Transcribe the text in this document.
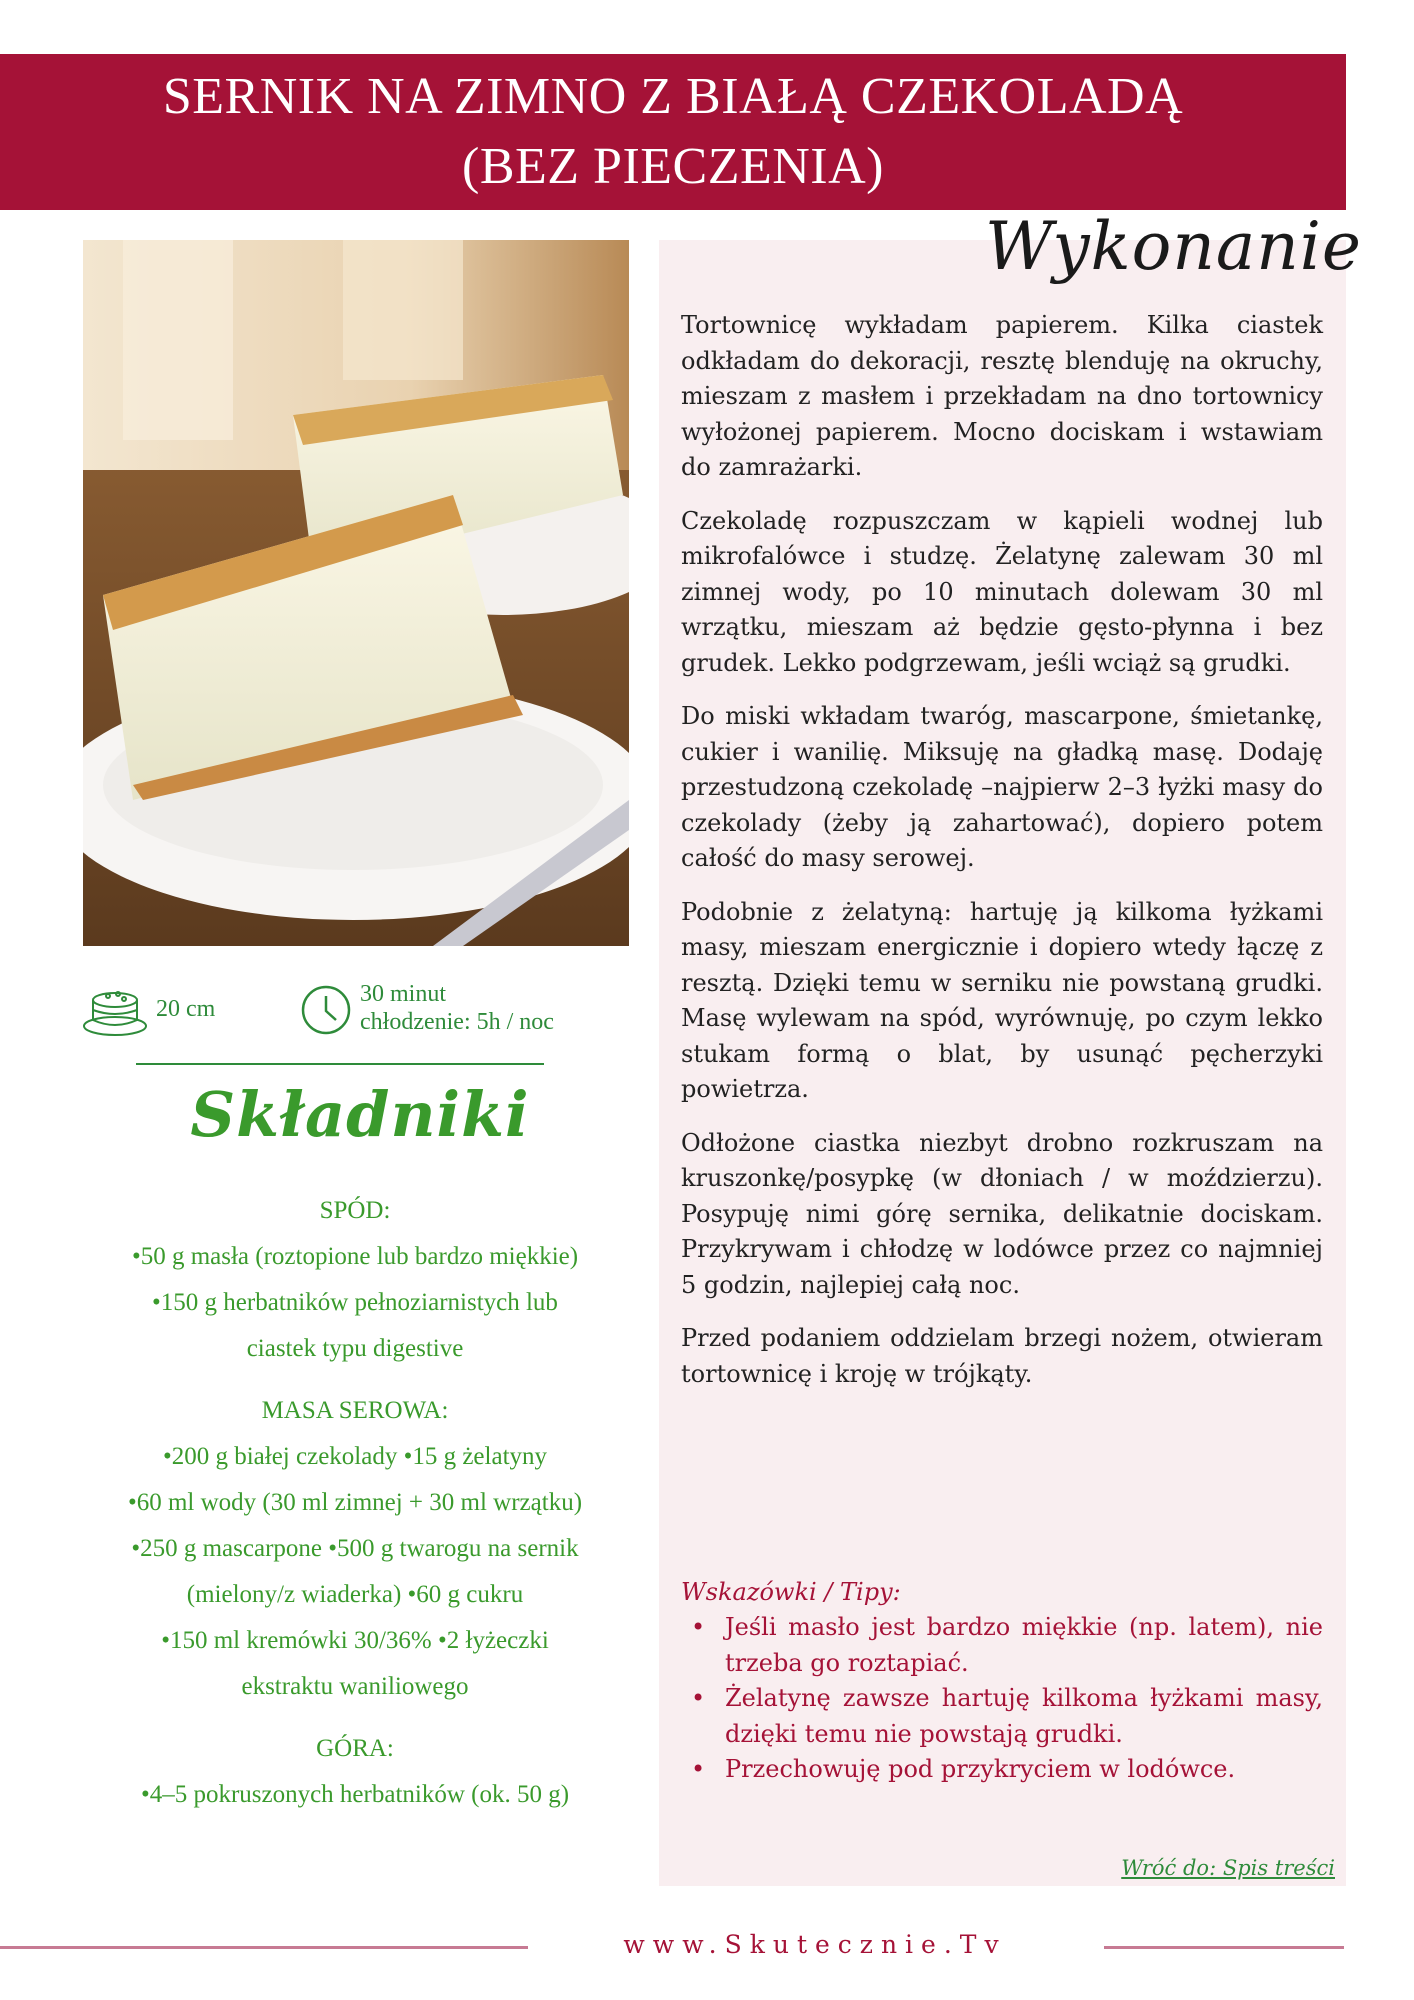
SERNIK NA ZIMNO Z BIAŁĄ CZEKOLADĄ
(BEZ PIECZENIA)
20 cm
30 minut
chłodzenie: 5h / noc
Składniki
SPÓD:
•50 g masła (roztopione lub bardzo miękkie)
•150 g herbatników pełnoziarnistych lub
ciastek typu digestive
MASA SEROWA:
•200 g białej czekolady •15 g żelatyny
•60 ml wody (30 ml zimnej + 30 ml wrzątku)
•250 g mascarpone •500 g twarogu na sernik
(mielony/z wiaderka) •60 g cukru
•150 ml kremówki 30/36% •2 łyżeczki
ekstraktu waniliowego
GÓRA:
•4–5 pokruszonych herbatników (ok. 50 g)
Wykonanie

Tortownicę wykładam papierem. Kilka ciastek odkładam do dekoracji, resztę blenduję na okruchy, mieszam z masłem i przekładam na dno tortownicy wyłożonej papierem. Mocno dociskam i wstawiam do zamrażarki.

Czekoladę rozpuszczam w kąpieli wodnej lub mikrofalówce i studzę. Żelatynę zalewam 30 ml zimnej wody, po 10 minutach dolewam 30 ml wrzątku, mieszam aż będzie gęsto-płynna i bez grudek. Lekko podgrzewam, jeśli wciąż są grudki.

Do miski wkładam twaróg, mascarpone, śmietankę, cukier i wanilię. Miksuję na gładką masę. Dodaję przestudzoną czekoladę –najpierw 2–3 łyżki masy do czekolady (żeby ją zahartować), dopiero potem całość do masy serowej.

Podobnie z żelatyną: hartuję ją kilkoma łyżkami masy, mieszam energicznie i dopiero wtedy łączę z resztą. Dzięki temu w serniku nie powstaną grudki. Masę wylewam na spód, wyrównuję, po czym lekko stukam formą o blat, by usunąć pęcherzyki powietrza.

Odłożone ciastka niezbyt drobno rozkruszam na kruszonkę/posypkę (w dłoniach / w moździerzu). Posypuję nimi górę sernika, delikatnie dociskam. Przykrywam i chłodzę w lodówce przez co najmniej 5 godzin, najlepiej całą noc.

Przed podaniem oddzielam brzegi nożem, otwieram tortownicę i kroję w trójkąty.

Wskazówki / Tipy:
• Jeśli masło jest bardzo miękkie (np. latem), nie trzeba go roztapiać.
• Żelatynę zawsze hartuję kilkoma łyżkami masy, dzięki temu nie powstają grudki.
• Przechowuję pod przykryciem w lodówce.
Wróć do: Spis treści
www.Skutecznie.Tv
